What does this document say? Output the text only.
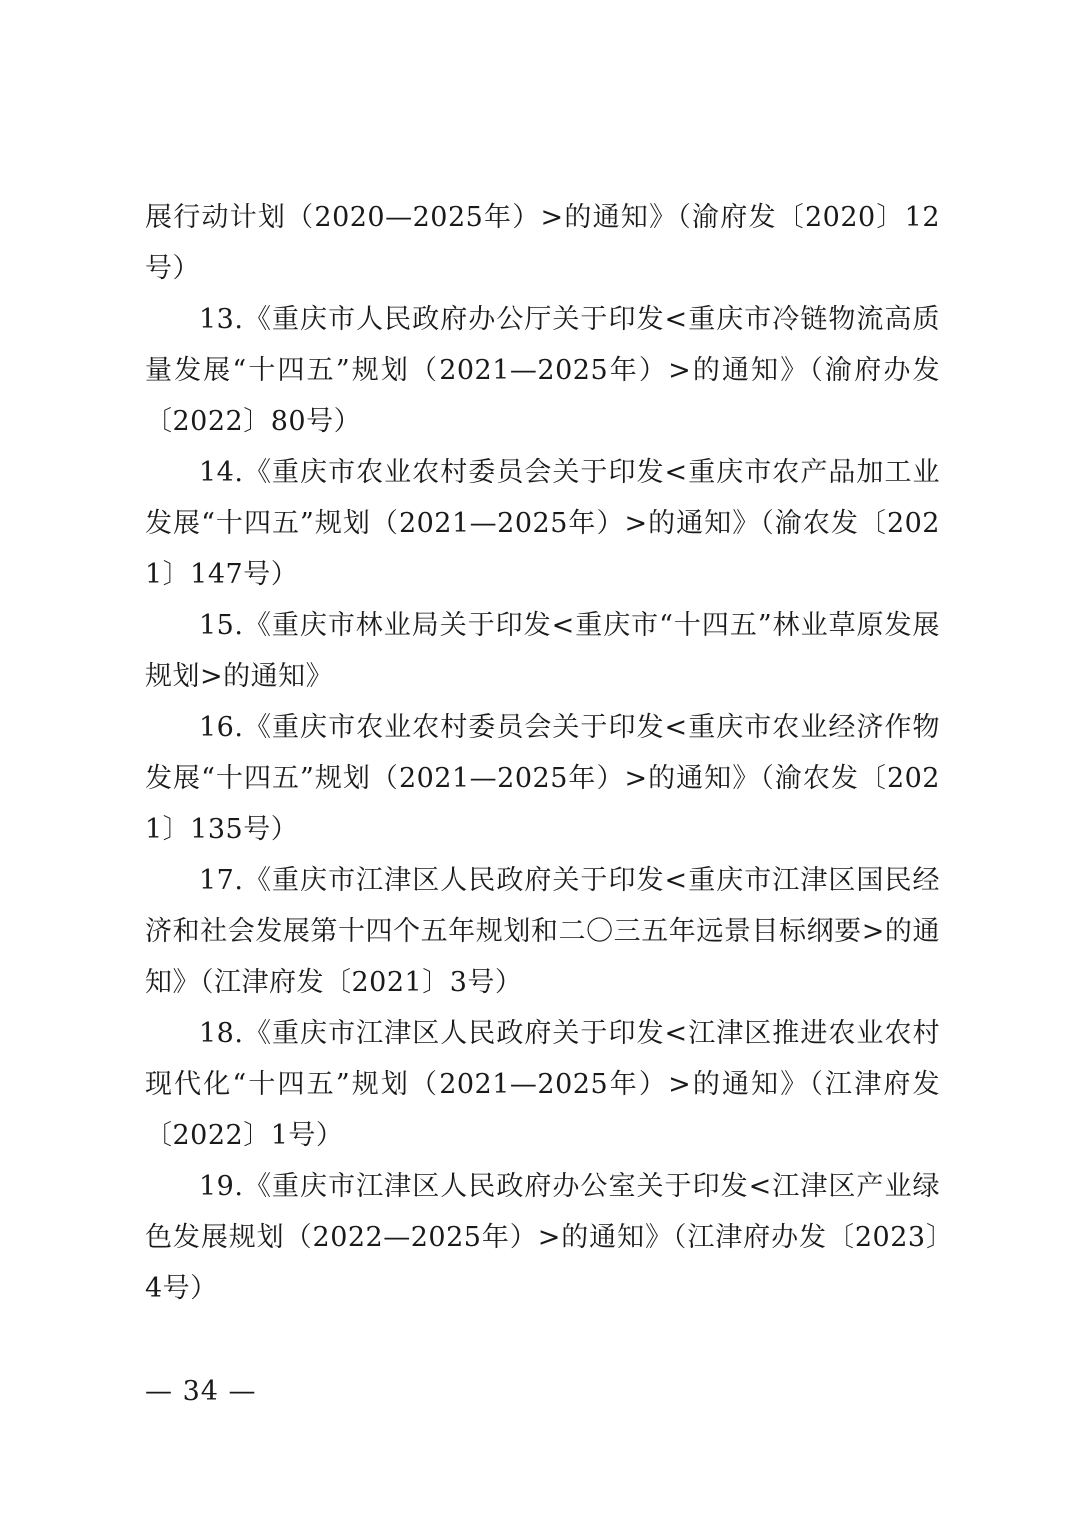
展行动计划（2020—2025年）>的通知》（渝府发〔2020〕12号）

13.《重庆市人民政府办公厅关于印发<重庆市冷链物流高质量发展“十四五”规划（2021—2025年）>的通知》（渝府办发〔2022〕80号）

14.《重庆市农业农村委员会关于印发<重庆市农产品加工业发展“十四五”规划（2021—2025年）>的通知》（渝农发〔2021〕147号）

15.《重庆市林业局关于印发<重庆市“十四五”林业草原发展规划>的通知》

16.《重庆市农业农村委员会关于印发<重庆市农业经济作物发展“十四五”规划（2021—2025年）>的通知》（渝农发〔2021〕135号）

17.《重庆市江津区人民政府关于印发<重庆市江津区国民经济和社会发展第十四个五年规划和二〇三五年远景目标纲要>的通知》（江津府发〔2021〕3号）

18.《重庆市江津区人民政府关于印发<江津区推进农业农村现代化“十四五”规划（2021—2025年）>的通知》（江津府发〔2022〕1号）

19.《重庆市江津区人民政府办公室关于印发<江津区产业绿色发展规划（2022—2025年）>的通知》（江津府办发〔2023〕4号）

— 34 —
